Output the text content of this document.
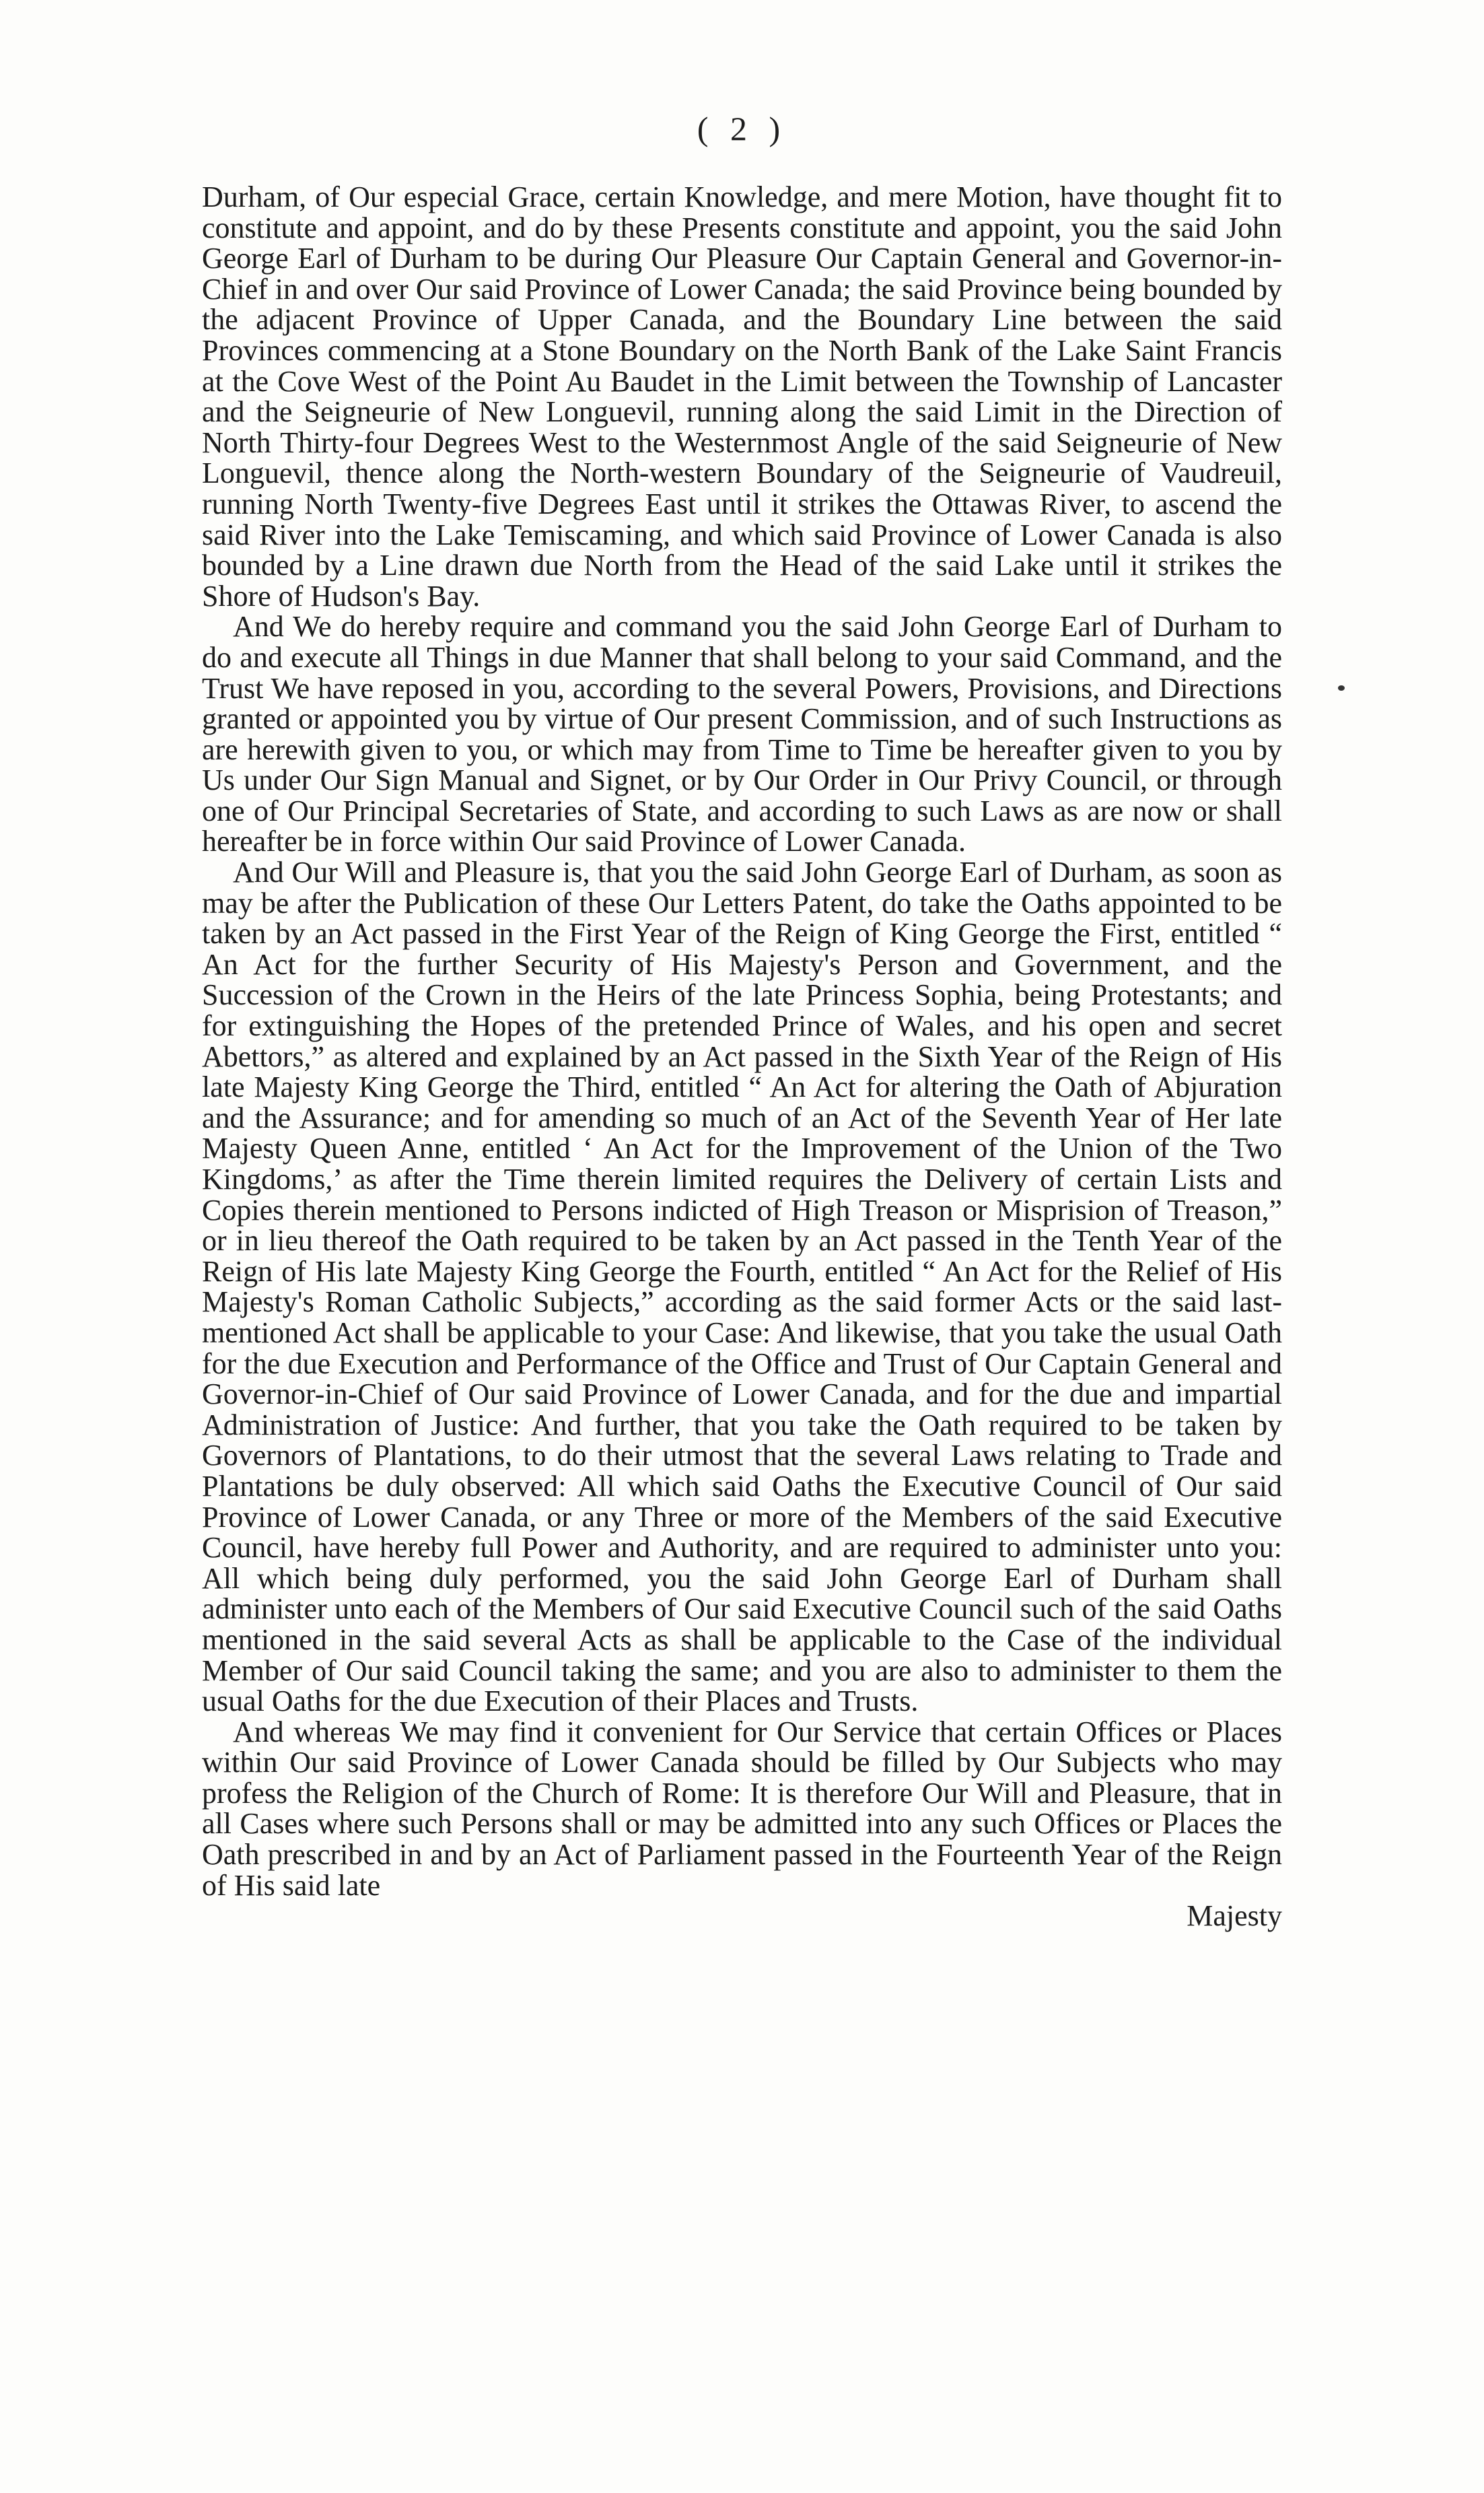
( 2 )

Durham, of Our especial Grace, certain Knowledge, and mere Motion, have thought fit to constitute and appoint, and do by these Presents constitute and appoint, you the said John George Earl of Durham to be during Our Pleasure Our Captain General and Governor-in-Chief in and over Our said Province of Lower Canada; the said Province being bounded by the adjacent Province of Upper Canada, and the Boundary Line between the said Provinces commencing at a Stone Boundary on the North Bank of the Lake Saint Francis at the Cove West of the Point Au Baudet in the Limit between the Township of Lancaster and the Seigneurie of New Longuevil, running along the said Limit in the Direction of North Thirty-four Degrees West to the Westernmost Angle of the said Seigneurie of New Longuevil, thence along the North-western Boundary of the Seigneurie of Vaudreuil, running North Twenty-five Degrees East until it strikes the Ottawas River, to ascend the said River into the Lake Temiscaming, and which said Province of Lower Canada is also bounded by a Line drawn due North from the Head of the said Lake until it strikes the Shore of Hudson's Bay.

And We do hereby require and command you the said John George Earl of Durham to do and execute all Things in due Manner that shall belong to your said Command, and the Trust We have reposed in you, according to the several Powers, Provisions, and Directions granted or appointed you by virtue of Our present Commission, and of such Instructions as are herewith given to you, or which may from Time to Time be hereafter given to you by Us under Our Sign Manual and Signet, or by Our Order in Our Privy Council, or through one of Our Principal Secretaries of State, and according to such Laws as are now or shall hereafter be in force within Our said Province of Lower Canada.

And Our Will and Pleasure is, that you the said John George Earl of Durham, as soon as may be after the Publication of these Our Letters Patent, do take the Oaths appointed to be taken by an Act passed in the First Year of the Reign of King George the First, entitled “ An Act for the further Security of His Majesty's Person and Government, and the Succession of the Crown in the Heirs of the late Princess Sophia, being Protestants; and for extinguishing the Hopes of the pretended Prince of Wales, and his open and secret Abettors,” as altered and explained by an Act passed in the Sixth Year of the Reign of His late Majesty King George the Third, entitled “ An Act for altering the Oath of Abjuration and the Assurance; and for amending so much of an Act of the Seventh Year of Her late Majesty Queen Anne, entitled ‘ An Act for the Improvement of the Union of the Two Kingdoms,’ as after the Time therein limited requires the Delivery of certain Lists and Copies therein mentioned to Persons indicted of High Treason or Misprision of Treason,” or in lieu thereof the Oath required to be taken by an Act passed in the Tenth Year of the Reign of His late Majesty King George the Fourth, entitled “ An Act for the Relief of His Majesty's Roman Catholic Subjects,” according as the said former Acts or the said last-mentioned Act shall be applicable to your Case: And likewise, that you take the usual Oath for the due Execution and Performance of the Office and Trust of Our Captain General and Governor-in-Chief of Our said Province of Lower Canada, and for the due and impartial Administration of Justice: And further, that you take the Oath required to be taken by Governors of Plantations, to do their utmost that the several Laws relating to Trade and Plantations be duly observed: All which said Oaths the Executive Council of Our said Province of Lower Canada, or any Three or more of the Members of the said Executive Council, have hereby full Power and Authority, and are required to administer unto you: All which being duly performed, you the said John George Earl of Durham shall administer unto each of the Members of Our said Executive Council such of the said Oaths mentioned in the said several Acts as shall be applicable to the Case of the individual Member of Our said Council taking the same; and you are also to administer to them the usual Oaths for the due Execution of their Places and Trusts.

And whereas We may find it convenient for Our Service that certain Offices or Places within Our said Province of Lower Canada should be filled by Our Subjects who may profess the Religion of the Church of Rome: It is therefore Our Will and Pleasure, that in all Cases where such Persons shall or may be admitted into any such Offices or Places the Oath prescribed in and by an Act of Parliament passed in the Fourteenth Year of the Reign of His said late

Majesty
